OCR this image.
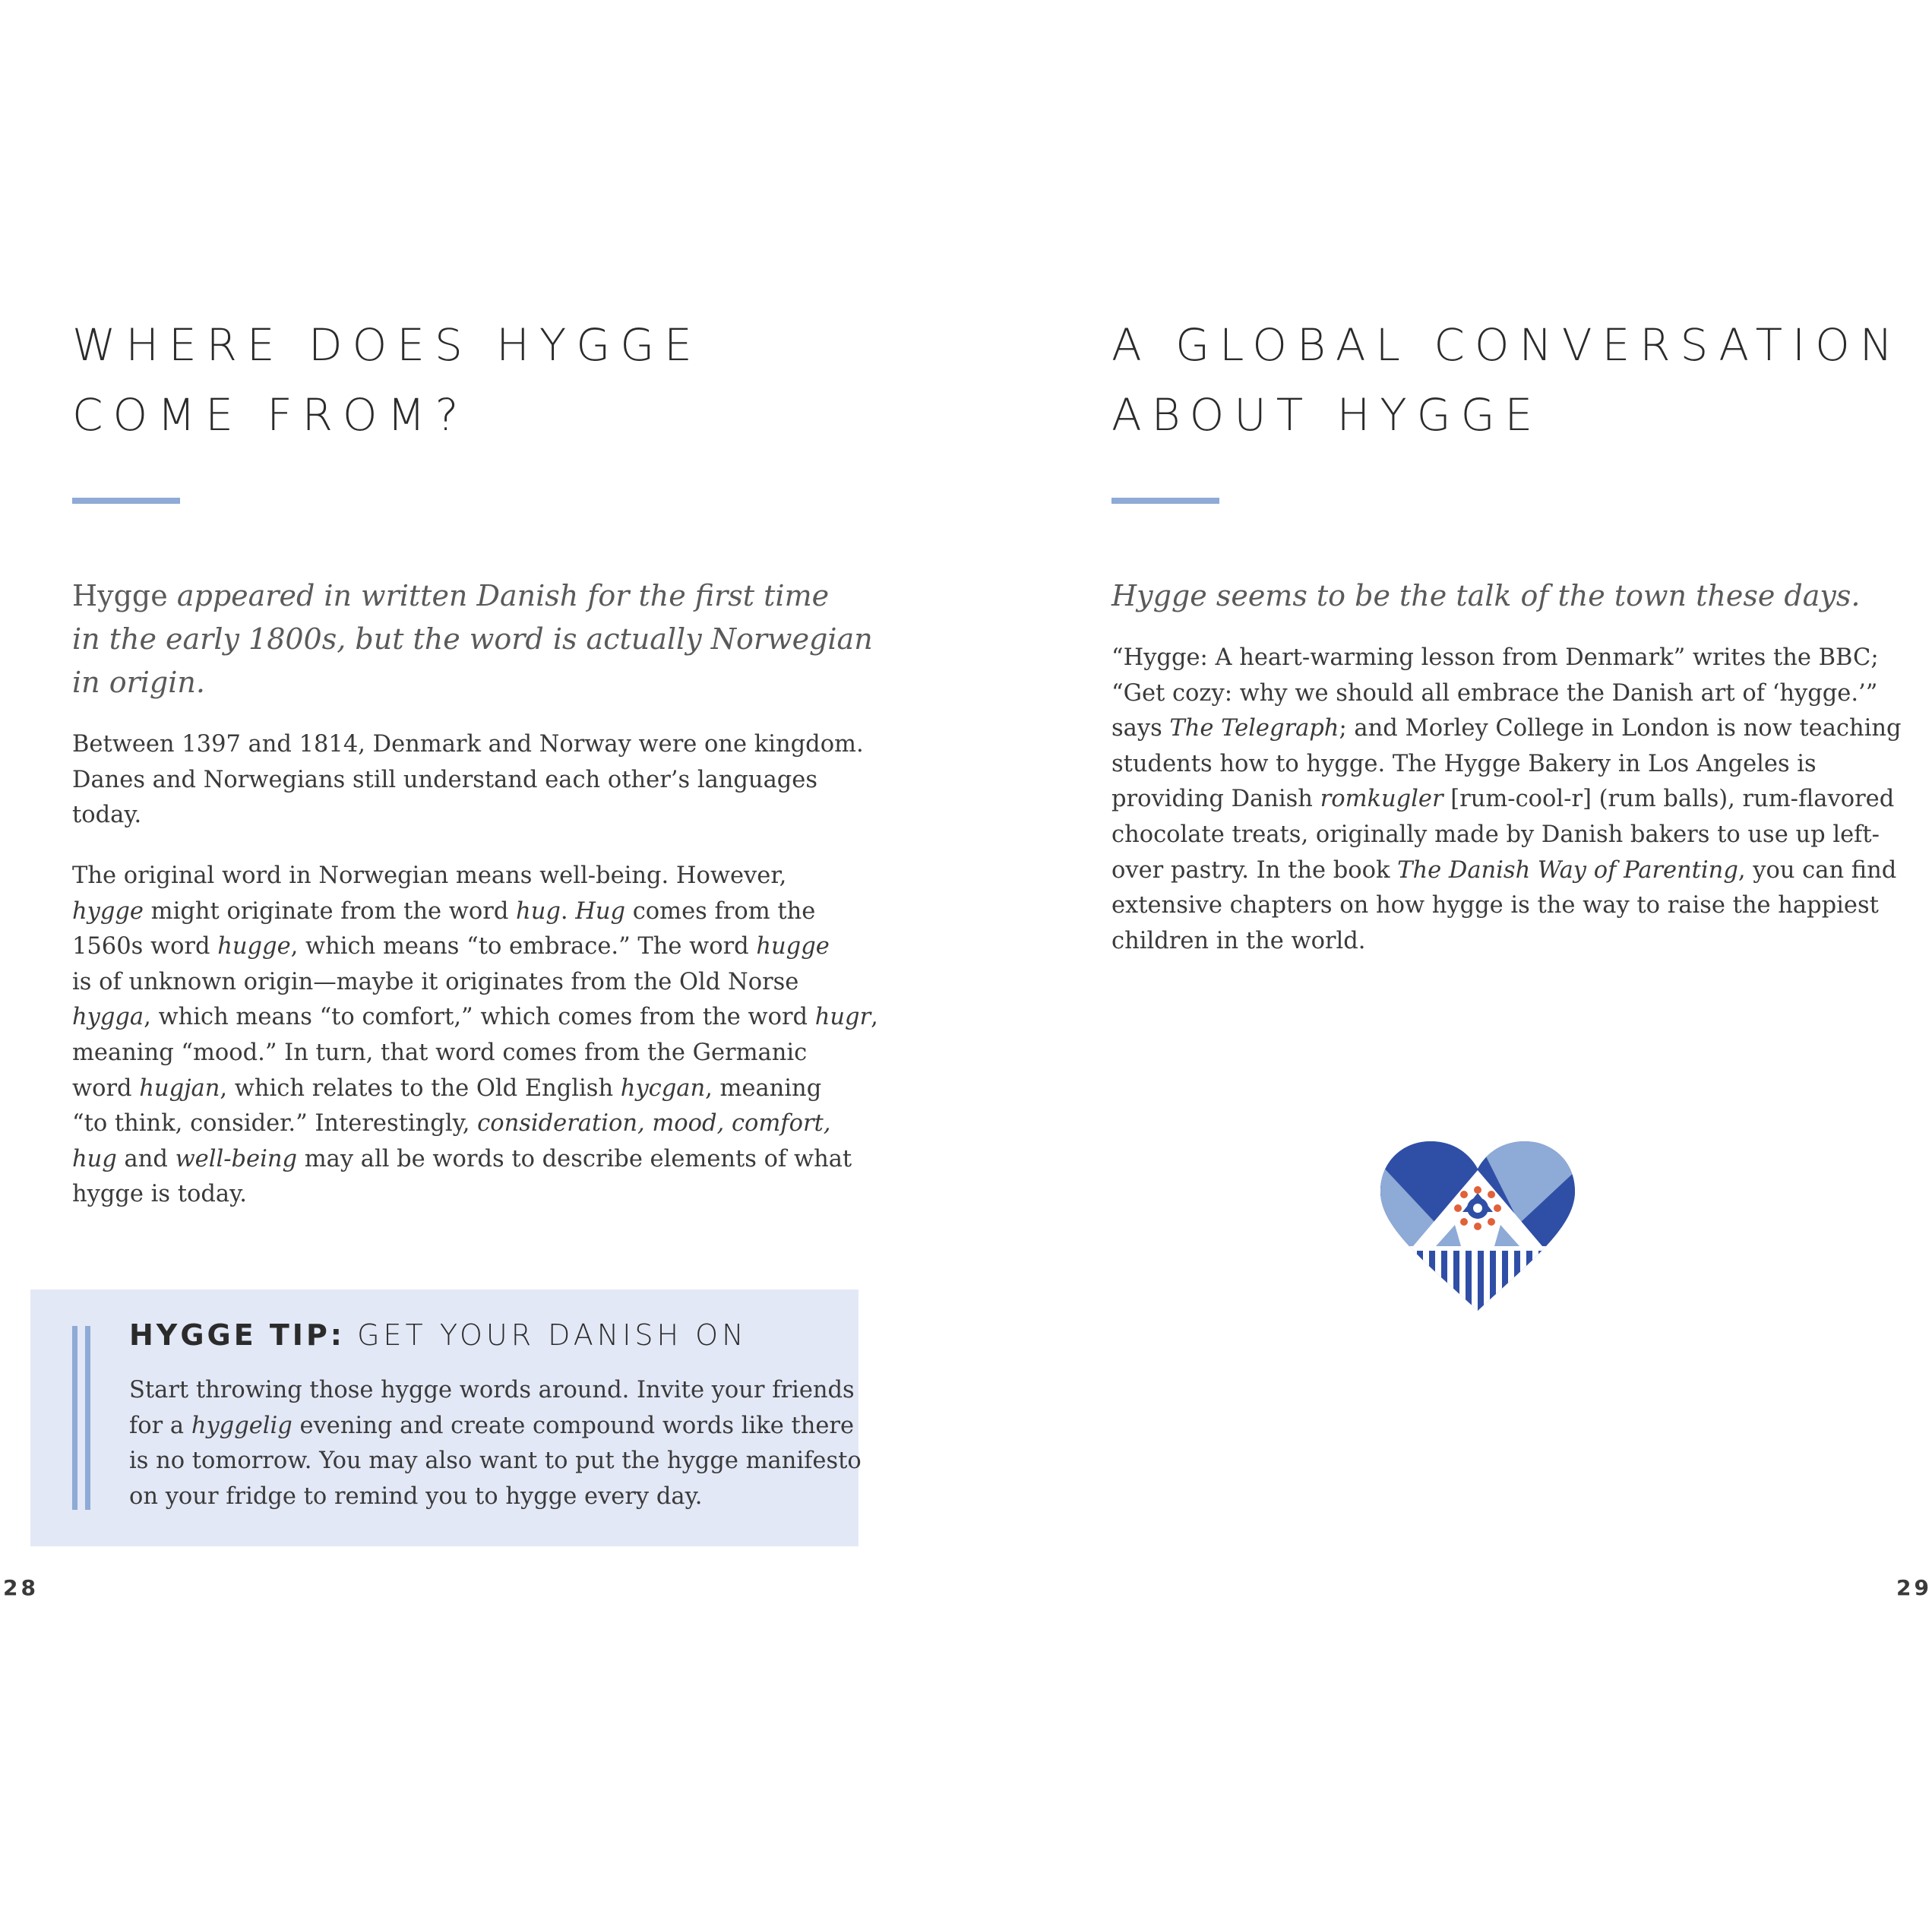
WHERE DOES HYGGE
COME FROM?

Hygge appeared in written Danish for the first time
in the early 1800s, but the word is actually Norwegian
in origin.

Between 1397 and 1814, Denmark and Norway were one kingdom.
Danes and Norwegians still understand each other’s languages
today.

The original word in Norwegian means well-being. However,
hygge might originate from the word hug. Hug comes from the
1560s word hugge, which means “to embrace.” The word hugge
is of unknown origin—maybe it originates from the Old Norse
hygga, which means “to comfort,” which comes from the word hugr,
meaning “mood.” In turn, that word comes from the Germanic
word hugjan, which relates to the Old English hycgan, meaning
“to think, consider.” Interestingly, consideration, mood, comfort,
hug and well-being may all be words to describe elements of what
hygge is today.

HYGGE TIP: GET YOUR DANISH ON

Start throwing those hygge words around. Invite your friends
for a hyggelig evening and create compound words like there
is no tomorrow. You may also want to put the hygge manifesto
on your fridge to remind you to hygge every day.

28
A GLOBAL CONVERSATION
ABOUT HYGGE

Hygge seems to be the talk of the town these days.

“Hygge: A heart-warming lesson from Denmark” writes the BBC;
“Get cozy: why we should all embrace the Danish art of ‘hygge.’”
says The Telegraph; and Morley College in London is now teaching
students how to hygge. The Hygge Bakery in Los Angeles is
providing Danish romkugler [rum-cool-r] (rum balls), rum-flavored
chocolate treats, originally made by Danish bakers to use up left-
over pastry. In the book The Danish Way of Parenting, you can find
extensive chapters on how hygge is the way to raise the happiest
children in the world.

29
